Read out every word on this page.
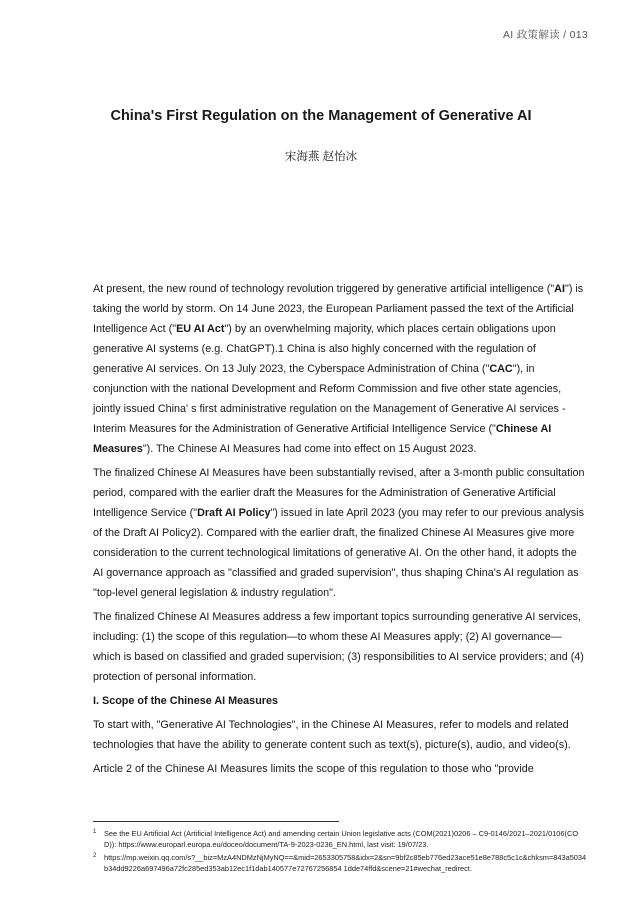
AI 政策解读 / 013
China's First Regulation on the Management of Generative AI
宋海燕 赵怡冰

At present, the new round of technology revolution triggered by generative artificial intelligence ("AI") is taking the world by storm. On 14 June 2023, the European Parliament passed the text of the Artificial Intelligence Act ("EU AI Act") by an overwhelming majority, which places certain obligations upon generative AI systems (e.g. ChatGPT).1 China is also highly concerned with the regulation of generative AI services. On 13 July 2023, the Cyberspace Administration of China ("CAC"), in conjunction with the national Development and Reform Commission and five other state agencies, jointly issued China' s first administrative regulation on the Management of Generative AI services - Interim Measures for the Administration of Generative Artificial Intelligence Service ("Chinese AI Measures"). The Chinese AI Measures had come into effect on 15 August 2023.

The finalized Chinese AI Measures have been substantially revised, after a 3-month public consultation period, compared with the earlier draft the Measures for the Administration of Generative Artificial Intelligence Service ("Draft AI Policy") issued in late April 2023 (you may refer to our previous analysis of the Draft AI Policy2). Compared with the earlier draft, the finalized Chinese AI Measures give more consideration to the current technological limitations of generative AI. On the other hand, it adopts the AI governance approach as "classified and graded supervision", thus shaping China's AI regulation as "top-level general legislation & industry regulation".

The finalized Chinese AI Measures address a few important topics surrounding generative AI services, including: (1) the scope of this regulation—to whom these AI Measures apply; (2) AI governance—which is based on classified and graded supervision; (3) responsibilities to AI service providers; and (4) protection of personal information.

I. Scope of the Chinese AI Measures

To start with, "Generative AI Technologies", in the Chinese AI Measures, refer to models and related technologies that have the ability to generate content such as text(s), picture(s), audio, and video(s).

Article 2 of the Chinese AI Measures limits the scope of this regulation to those who "provide

1 See the EU Artificial Act (Artificial Intelligence Act) and amending certain Union legislative acts (COM(2021)0206 – C9-0146/2021–2021/0106(COD)): https://www.europarl.europa.eu/doceo/document/TA-9-2023-0236_EN.html, last visit: 19/07/23.
2 https://mp.weixin.qq.com/s?__biz=MzA4NDMzNjMyNQ==&mid=2653305758&idx=2&sn=9bf2c85eb776ed23ace51e8e788c5c1c&chksm=843a5034b34dd9226a697496a72fc285ed353ab12ec1f1dab140577e72767256854 1dde74ffd&scene=21#wechat_redirect.
